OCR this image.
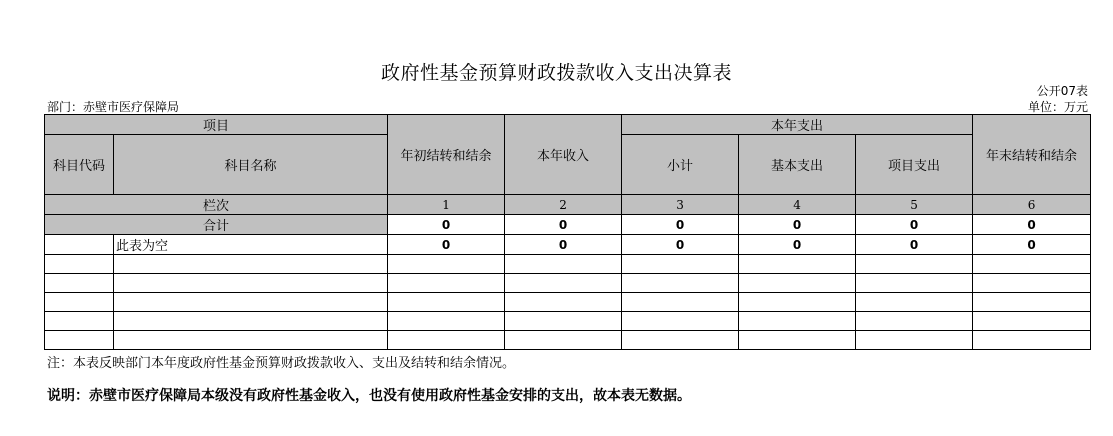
政府性基金预算财政拨款收入支出决算表
公开07表
部门：赤壁市医疗保障局	单位：万元
项目		年初结转和结余	本年收入	本年支出			年末结转和结余
科目代码	科目名称			小计	基本支出	项目支出	
栏次		1	2	3	4	5	6
合计		0	0	0	0	0	0
	此表为空	0	0	0	0	0	0

注：本表反映部门本年度政府性基金预算财政拨款收入、支出及结转和结余情况。
说明：赤壁市医疗保障局本级没有政府性基金收入，也没有使用政府性基金安排的支出，故本表无数据。
